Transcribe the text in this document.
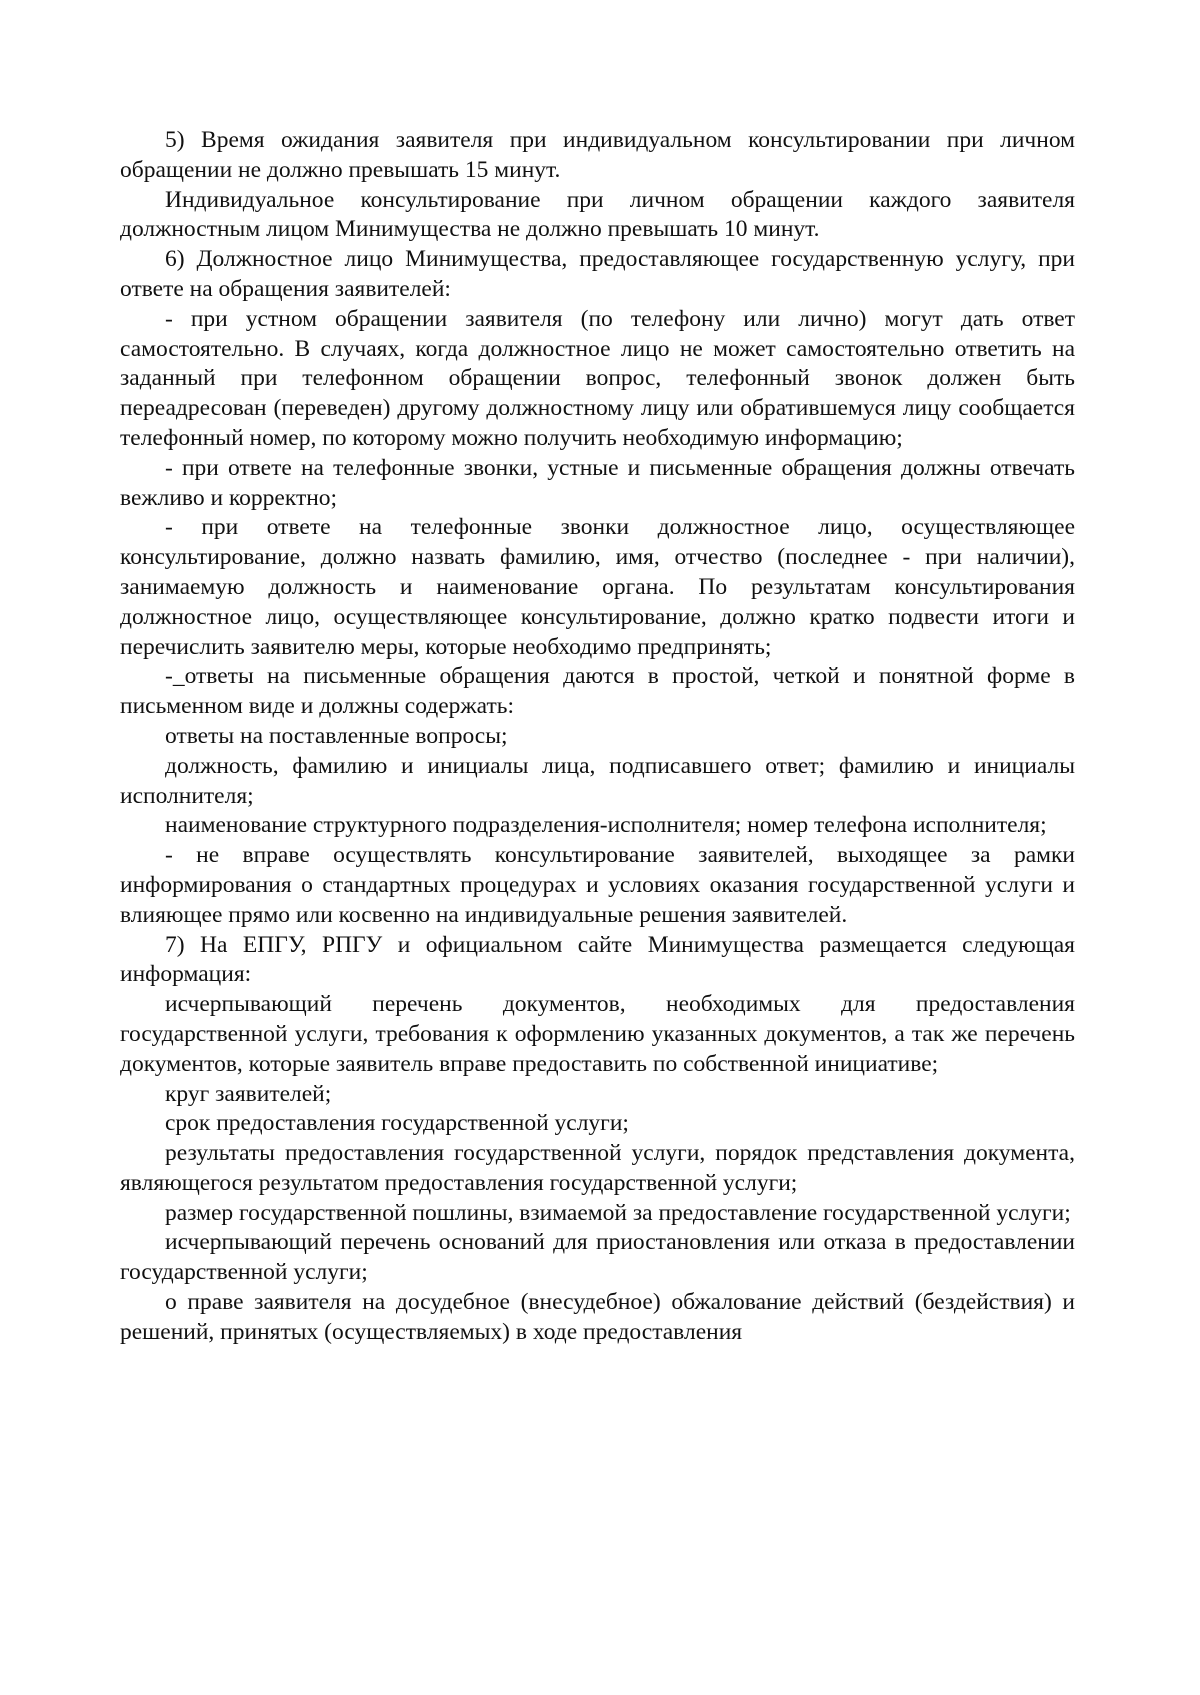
5) Время ожидания заявителя при индивидуальном консультировании при личном обращении не должно превышать 15 минут.

Индивидуальное консультирование при личном обращении каждого заявителя должностным лицом Минимущества не должно превышать 10 минут.

6) Должностное лицо Минимущества, предоставляющее государственную услугу, при ответе на обращения заявителей:

- при устном обращении заявителя (по телефону или лично) могут дать ответ самостоятельно. В случаях, когда должностное лицо не может самостоятельно ответить на заданный при телефонном обращении вопрос, телефонный звонок должен быть переадресован (переведен) другому должностному лицу или обратившемуся лицу сообщается телефонный номер, по которому можно получить необходимую информацию;

- при ответе на телефонные звонки, устные и письменные обращения должны отвечать вежливо и корректно;

- при ответе на телефонные звонки должностное лицо, осуществляющее консультирование, должно назвать фамилию, имя, отчество (последнее - при наличии), занимаемую должность и наименование органа. По результатам консультирования должностное лицо, осуществляющее консультирование, должно кратко подвести итоги и перечислить заявителю меры, которые необходимо предпринять;

-_ответы на письменные обращения даются в простой, четкой и понятной форме в письменном виде и должны содержать:

ответы на поставленные вопросы;

должность, фамилию и инициалы лица, подписавшего ответ; фамилию и инициалы исполнителя;

наименование структурного подразделения-исполнителя; номер телефона исполнителя;

- не вправе осуществлять консультирование заявителей, выходящее за рамки информирования о стандартных процедурах и условиях оказания государственной услуги и влияющее прямо или косвенно на индивидуальные решения заявителей.

7) На ЕПГУ, РПГУ и официальном сайте Минимущества размещается следующая информация:

исчерпывающий перечень документов, необходимых для предоставления государственной услуги, требования к оформлению указанных документов, а так же перечень документов, которые заявитель вправе предоставить по собственной инициативе;

круг заявителей;

срок предоставления государственной услуги;

результаты предоставления государственной услуги, порядок представления документа, являющегося результатом предоставления государственной услуги;

размер государственной пошлины, взимаемой за предоставление государственной услуги;

исчерпывающий перечень оснований для приостановления или отказа в предоставлении государственной услуги;

о праве заявителя на досудебное (внесудебное) обжалование действий (бездействия) и решений, принятых (осуществляемых) в ходе предоставления
